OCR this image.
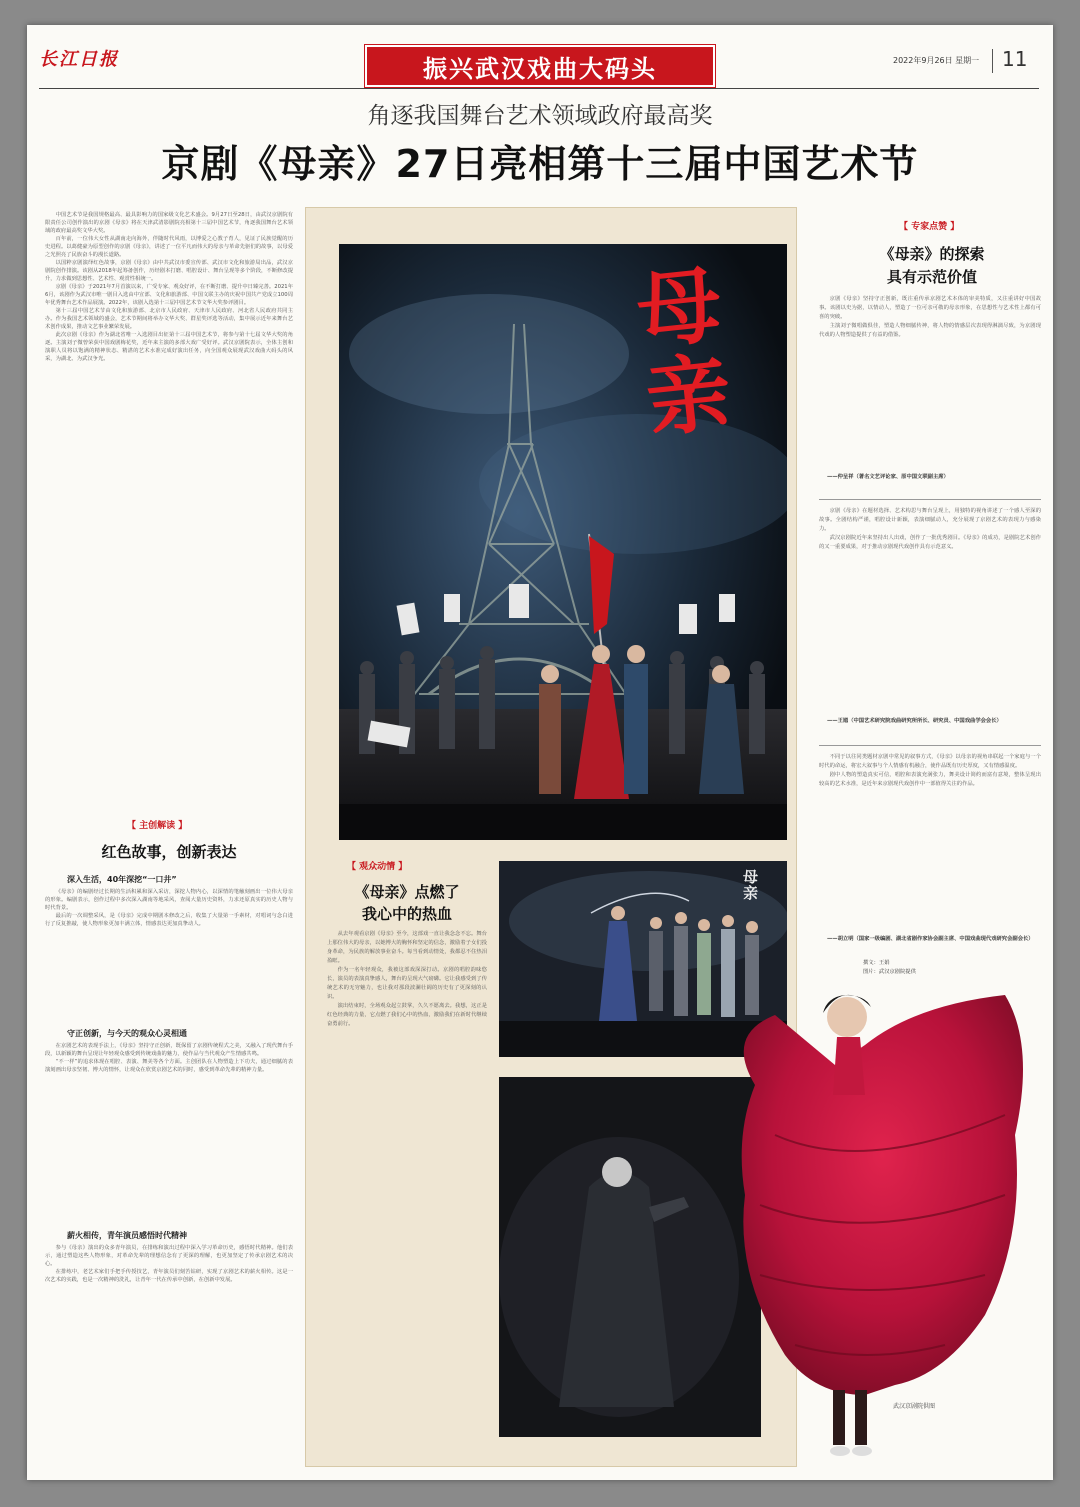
长江日报	振兴武汉戏曲大码头	2022年9月26日 星期一 11
角逐我国舞台艺术领域政府最高奖
京剧《母亲》27日亮相第十三届中国艺术节

中国艺术节是我国规格最高、最具影响力的国家级文化艺术盛会。9月27日至28日，由武汉京剧院有限责任公司创作演出的京剧《母亲》将在天津武清影剧院亮相第十三届中国艺术节，角逐我国舞台艺术领域的政府最高奖文华大奖。

百年前，一位伟大女性从湖南走向海外，伴随时代风雨，以博爱之心教子育人，见证了民族觉醒的历史进程。以葛健豪为原型创作的京剧《母亲》，讲述了一位平凡而伟大的母亲与革命先驱们的故事，以母爱之光照亮了民族奋斗的漫长道路。

以国粹京剧演绎红色故事，京剧《母亲》由中共武汉市委宣传部、武汉市文化和旅游局出品，武汉京剧院创作排演。该剧从2018年起筹备创作，历经剧本打磨、唱腔设计、舞台呈现等多个阶段，不断修改提升，力求做到思想性、艺术性、观赏性相统一。

京剧《母亲》于2021年7月首演以来，广受专家、观众好评，在不断打磨、提升中日臻完善。2021年6月，该剧作为武汉市唯一剧目入选由中宣部、文化和旅游部、中国文联主办的庆祝中国共产党成立100周年优秀舞台艺术作品展演。2022年，该剧入选第十三届中国艺术节文华大奖参评剧目。

第十三届中国艺术节由文化和旅游部、北京市人民政府、天津市人民政府、河北省人民政府共同主办。作为我国艺术领域的盛会，艺术节期间将举办文华大奖、群星奖评选等活动，集中展示近年来舞台艺术创作成果，推动文艺事业繁荣发展。

此次京剧《母亲》作为湖北省唯一入选剧目出征第十三届中国艺术节，将参与第十七届文华大奖的角逐。主演刘子微曾荣获中国戏剧梅花奖，近年来主演的多部大戏广受好评。武汉京剧院表示，全体主创和演职人员将以饱满的精神状态、精湛的艺术水准完成好演出任务，向全国观众展现武汉戏曲大码头的风采，为湖北、为武汉争光。

【 主创解读 】
红色故事，创新表达
深入生活，40年深挖“一口井”

《母亲》的编剧经过长期的生活积累和深入采访，深挖人物内心，以深情的笔触刻画出一位伟大母亲的形象。编剧表示，创作过程中多次深入湖南等地采风，查阅大量历史资料，力求还原真实的历史人物与时代背景。

最后的一次调整采风，是《母亲》完成中期剧本修改之后，收集了大量第一手素材，对唱词与念白进行了反复推敲，使人物形象更加丰满立体，情感表达更加真挚动人。

守正创新，与今天的观众心灵相通

在京剧艺术的表现手法上，《母亲》坚持守正创新，既保留了京剧传统程式之美，又融入了现代舞台手段，以新颖的舞台呈现让年轻观众感受到传统戏曲的魅力，使作品与当代观众产生情感共鸣。

“不一样”的追求体现在唱腔、表演、舞美等各个方面。主创团队在人物塑造上下功夫，通过细腻的表演刻画出母亲坚韧、博大的情怀，让观众在欣赏京剧艺术的同时，感受到革命先辈的精神力量。

薪火相传，青年演员感悟时代精神

参与《母亲》演出的众多青年演员，在排练和演出过程中深入学习革命历史，感悟时代精神。他们表示，通过塑造这些人物形象，对革命先辈的理想信念有了更深的理解，也更加坚定了传承京剧艺术的决心。

在排练中，老艺术家们手把手传授技艺，青年演员们刻苦钻研，实现了京剧艺术的薪火相传。这是一次艺术的实践，也是一次精神的洗礼，让青年一代在传承中创新，在创新中发展。

母亲
【 观众动情 】
《母亲》点燃了
我心中的热血

从去年观看京剧《母亲》至今，这部戏一直让我念念不忘。舞台上那位伟大的母亲，以她博大的胸怀和坚定的信念，激励着子女们投身革命，为民族的解放事业奋斗。每当看到动情处，我都忍不住热泪盈眶。

作为一名年轻观众，我被这部戏深深打动。京剧的唱腔韵味悠长，演员的表演真挚感人，舞台的呈现大气磅礴。它让我感受到了传统艺术的无穷魅力，也让我对那段波澜壮阔的历史有了更深刻的认识。

演出结束时，全场观众起立鼓掌，久久不愿离去。我想，这正是红色经典的力量，它点燃了我们心中的热血，激励我们在新时代继续奋勇前行。

母亲
武汉京剧院供图
【 专家点赞 】
《母亲》的探索
具有示范价值

京剧《母亲》坚持守正创新，既注重传承京剧艺术本体的审美特质，又注重讲好中国故事。该剧以史为据，以情动人，塑造了一位可亲可敬的母亲形象，在思想性与艺术性上都有可喜的突破。

主演刘子微唱做俱佳，塑造人物细腻传神，将人物的情感层次表现得淋漓尽致，为京剧现代戏的人物塑造提供了有益的借鉴。

——仲呈祥（著名文艺评论家、原中国文联副主席）

京剧《母亲》在题材选择、艺术构思与舞台呈现上，用独特的视角讲述了一个感人至深的故事。全剧结构严谨，唱腔设计新颖，表演细腻动人，充分展现了京剧艺术的表现力与感染力。

武汉京剧院近年来坚持出人出戏，创作了一批优秀剧目。《母亲》的成功，是剧院艺术创作的又一重要成果，对于推动京剧现代戏创作具有示范意义。

——王馗（中国艺术研究院戏曲研究所所长、研究员、中国戏曲学会会长）

不同于以往同类题材京剧中常见的叙事方式，《母亲》以母亲的视角串联起一个家庭与一个时代的命运，将宏大叙事与个人情感有机融合，使作品既有历史厚度，又有情感温度。

剧中人物的塑造真实可信，唱腔和表演充满张力，舞美设计简约而富有意境，整体呈现出较高的艺术水准，是近年来京剧现代戏创作中一部值得关注的作品。

——胡立明（国家一级编剧、湖北省剧作家协会副主席、中国戏曲现代戏研究会副会长）
撰文：王娟
图片：武汉京剧院提供
